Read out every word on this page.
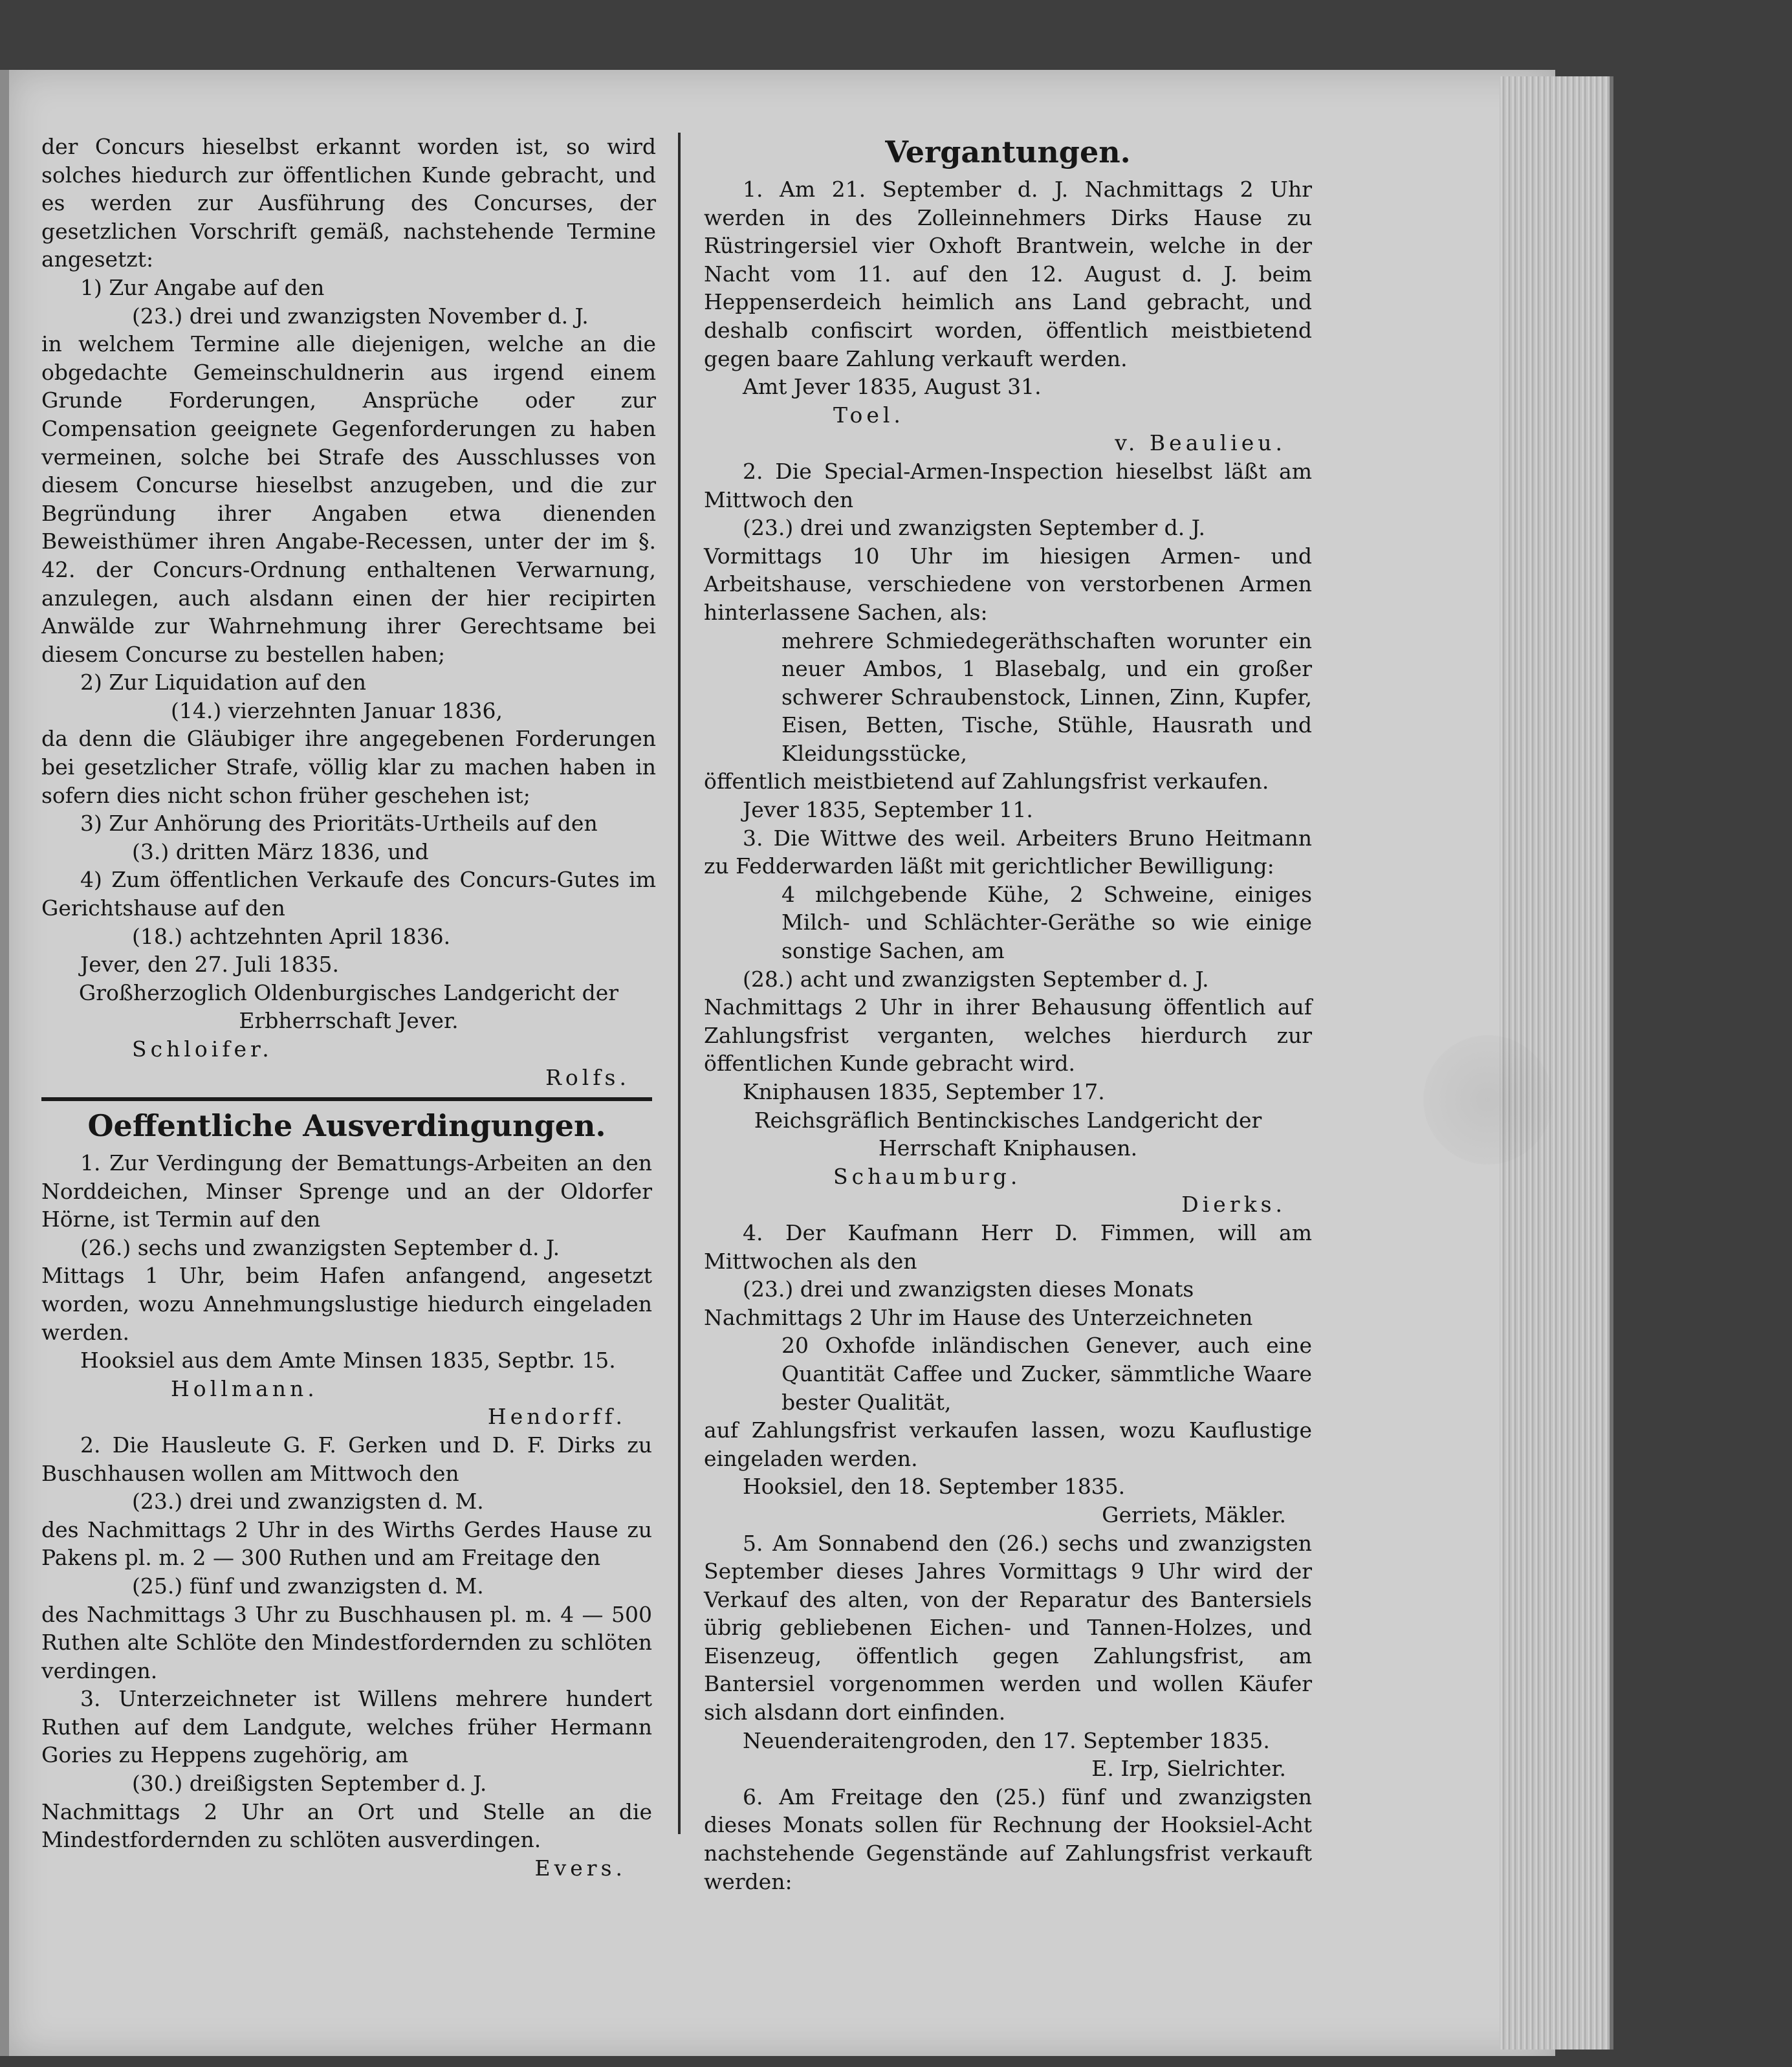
der Concurs hieselbst erkannt worden ist, so wird solches hiedurch zur öffentlichen Kunde gebracht, und es werden zur Ausführung des Concurses, der gesetzlichen Vorschrift gemäß, nachstehende Termine angesetzt:

1) Zur Angabe auf den

(23.) drei und zwanzigsten November d. J.

in welchem Termine alle diejenigen, welche an die obgedachte Gemeinschuldnerin aus irgend einem Grunde Forderungen, Ansprüche oder zur Compensation geeignete Gegenforderungen zu haben vermeinen, solche bei Strafe des Ausschlusses von diesem Concurse hieselbst anzugeben, und die zur Begründung ihrer Angaben etwa dienenden Beweisthümer ihren Angabe-Recessen, unter der im §. 42. der Concurs-Ordnung enthaltenen Verwarnung, anzulegen, auch alsdann einen der hier recipirten Anwälde zur Wahrnehmung ihrer Gerechtsame bei diesem Concurse zu bestellen haben;

2) Zur Liquidation auf den

(14.) vierzehnten Januar 1836,

da denn die Gläubiger ihre angegebenen Forderungen bei gesetzlicher Strafe, völlig klar zu machen haben in sofern dies nicht schon früher geschehen ist;

3) Zur Anhörung des Prioritäts-Urtheils auf den

(3.) dritten März 1836, und

4) Zum öffentlichen Verkaufe des Concurs-Gutes im Gerichtshause auf den

(18.) achtzehnten April 1836.

Jever, den 27. Juli 1835.

Großherzoglich Oldenburgisches Landgericht der Erbherrschaft Jever.

Schloifer.

Rolfs.

Oeffentliche Ausverdingungen.

1. Zur Verdingung der Bemattungs-Arbeiten an den Norddeichen, Minser Sprenge und an der Oldorfer Hörne, ist Termin auf den

(26.) sechs und zwanzigsten September d. J.

Mittags 1 Uhr, beim Hafen anfangend, angesetzt worden, wozu Annehmungslustige hiedurch eingeladen werden.

Hooksiel aus dem Amte Minsen 1835, Septbr. 15.

Hollmann.

Hendorff.

2. Die Hausleute G. F. Gerken und D. F. Dirks zu Buschhausen wollen am Mittwoch den

(23.) drei und zwanzigsten d. M.

des Nachmittags 2 Uhr in des Wirths Gerdes Hause zu Pakens pl. m. 2 — 300 Ruthen und am Freitage den

(25.) fünf und zwanzigsten d. M.

des Nachmittags 3 Uhr zu Buschhausen pl. m. 4 — 500 Ruthen alte Schlöte den Mindestfordernden zu schlöten verdingen.

3. Unterzeichneter ist Willens mehrere hundert Ruthen auf dem Landgute, welches früher Hermann Gories zu Heppens zugehörig, am

(30.) dreißigsten September d. J.

Nachmittags 2 Uhr an Ort und Stelle an die Mindestfordernden zu schlöten ausverdingen.

Evers.

Vergantungen.

1. Am 21. September d. J. Nachmittags 2 Uhr werden in des Zolleinnehmers Dirks Hause zu Rüstringersiel vier Oxhoft Brantwein, welche in der Nacht vom 11. auf den 12. August d. J. beim Heppenserdeich heimlich ans Land gebracht, und deshalb confiscirt worden, öffentlich meistbietend gegen baare Zahlung verkauft werden.

Amt Jever 1835, August 31.

Toel.

v. Beaulieu.

2. Die Special-Armen-Inspection hieselbst läßt am Mittwoch den

(23.) drei und zwanzigsten September d. J.

Vormittags 10 Uhr im hiesigen Armen- und Arbeitshause, verschiedene von verstorbenen Armen hinterlassene Sachen, als:

mehrere Schmiedegeräthschaften worunter ein neuer Ambos, 1 Blasebalg, und ein großer schwerer Schraubenstock, Linnen, Zinn, Kupfer, Eisen, Betten, Tische, Stühle, Hausrath und Kleidungsstücke,

öffentlich meistbietend auf Zahlungsfrist verkaufen.

Jever 1835, September 11.

3. Die Wittwe des weil. Arbeiters Bruno Heitmann zu Fedderwarden läßt mit gerichtlicher Bewilligung:

4 milchgebende Kühe, 2 Schweine, einiges Milch- und Schlächter-Geräthe so wie einige sonstige Sachen, am

(28.) acht und zwanzigsten September d. J.

Nachmittags 2 Uhr in ihrer Behausung öffentlich auf Zahlungsfrist verganten, welches hierdurch zur öffentlichen Kunde gebracht wird.

Kniphausen 1835, September 17.

Reichsgräflich Bentinckisches Landgericht der Herrschaft Kniphausen.

Schaumburg.

Dierks.

4. Der Kaufmann Herr D. Fimmen, will am Mittwochen als den

(23.) drei und zwanzigsten dieses Monats

Nachmittags 2 Uhr im Hause des Unterzeichneten

20 Oxhofde inländischen Genever, auch eine Quantität Caffee und Zucker, sämmtliche Waare bester Qualität,

auf Zahlungsfrist verkaufen lassen, wozu Kauflustige eingeladen werden.

Hooksiel, den 18. September 1835.

Gerriets, Mäkler.

5. Am Sonnabend den (26.) sechs und zwanzigsten September dieses Jahres Vormittags 9 Uhr wird der Verkauf des alten, von der Reparatur des Bantersiels übrig gebliebenen Eichen- und Tannen-Holzes, und Eisenzeug, öffentlich gegen Zahlungsfrist, am Bantersiel vorgenommen werden und wollen Käufer sich alsdann dort einfinden.

Neuenderaitengroden, den 17. September 1835.

E. Irp, Sielrichter.

6. Am Freitage den (25.) fünf und zwanzigsten dieses Monats sollen für Rechnung der Hooksiel-Acht nachstehende Gegenstände auf Zahlungsfrist verkauft werden:
